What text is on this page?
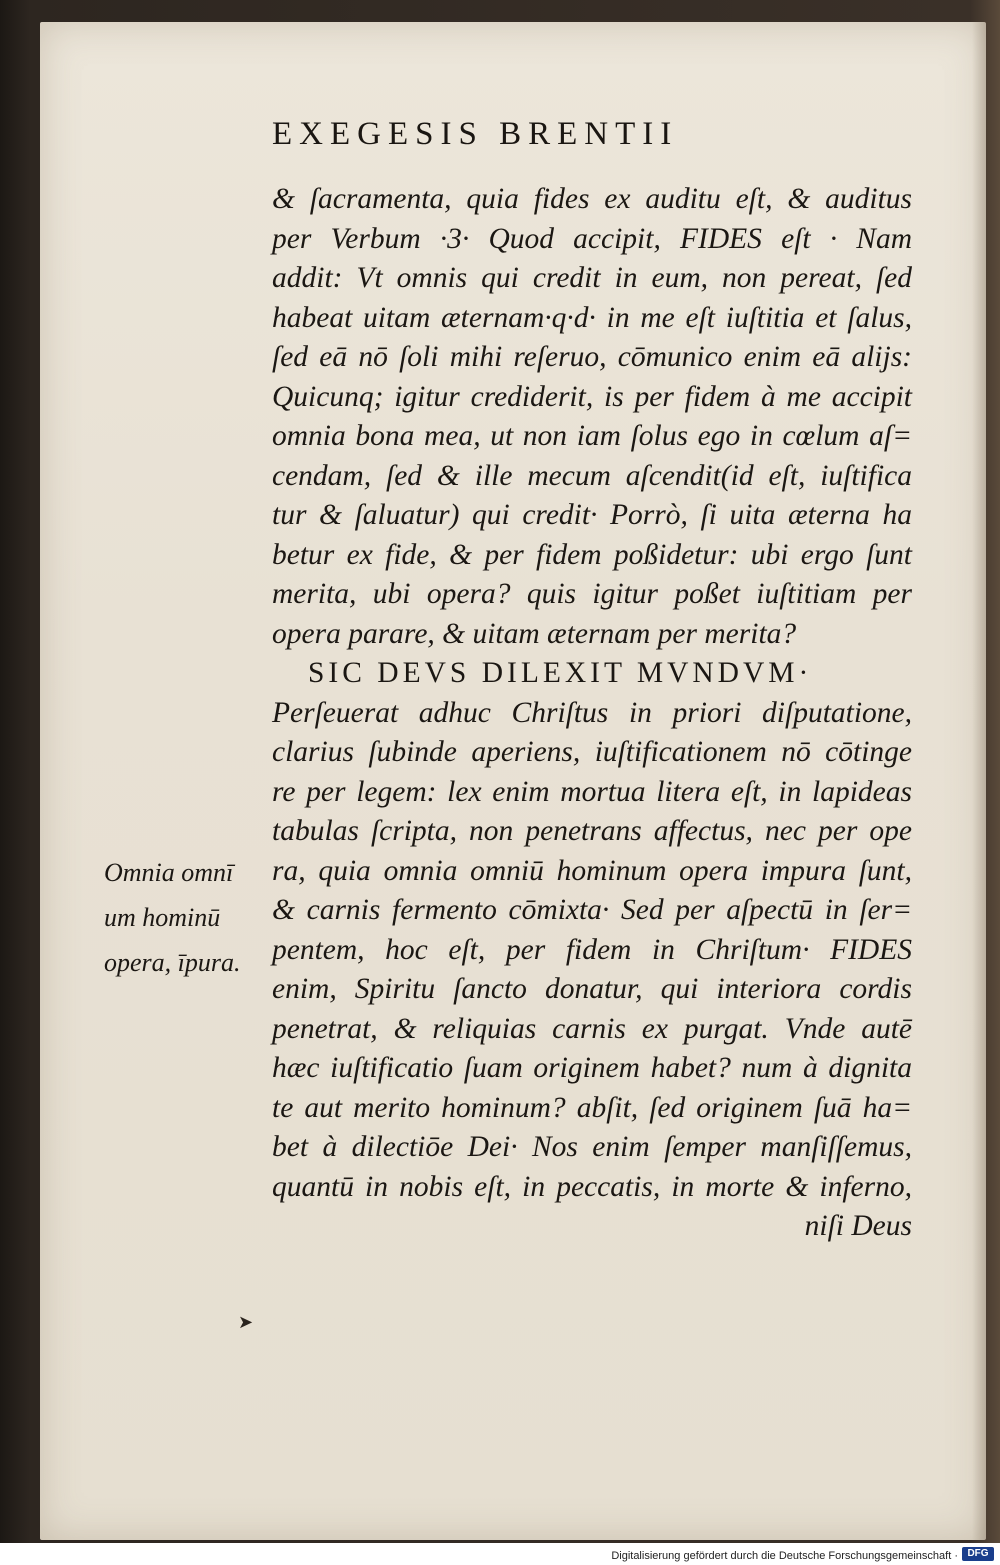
EXEGESIS BRENTII
& ſacramenta, quia fides ex auditu eſt, & auditus
per Verbum ·3· Quod accipit, FIDES eſt · Nam
addit: Vt omnis qui credit in eum, non pereat, ſed
habeat uitam æternam·q·d· in me eſt iuſtitia et ſalus,
ſed eā nō ſoli mihi reſeruo, cōmunico enim eā alijs:
Quicunq; igitur crediderit, is per fidem à me accipit
omnia bona mea, ut non iam ſolus ego in cœlum aſ=
cendam, ſed & ille mecum aſcendit(id eſt, iuſtifica
tur & ſaluatur) qui credit· Porrò, ſi uita æterna ha
betur ex fide, & per fidem poßidetur: ubi ergo ſunt
merita, ubi opera? quis igitur poßet iuſtitiam per
opera parare, & uitam æternam per merita?
SIC DEVS DILEXIT MVNDVM·
Perſeuerat adhuc Chriſtus in priori diſputatione,
clarius ſubinde aperiens, iuſtificationem nō cōtinge
re per legem: lex enim mortua litera eſt, in lapideas
tabulas ſcripta, non penetrans affectus, nec per ope
ra, quia omnia omniū hominum opera impura ſunt,
& carnis fermento cōmixta· Sed per aſpectū in ſer=
pentem, hoc eſt, per fidem in Chriſtum· FIDES
enim, Spiritu ſancto donatur, qui interiora cordis
penetrat, & reliquias carnis ex purgat. Vnde autē
hæc iuſtificatio ſuam originem habet? num à dignita
te aut merito hominum? abſit, ſed originem ſuā ha=
bet à dilectiōe Dei· Nos enim ſemper manſiſſemus,
quantū in nobis eſt, in peccatis, in morte & inferno,
niſi Deus
Omnia omnī
um hominū
opera, īpura.
➤
Digitalisierung gefördert durch die Deutsche Forschungsgemeinschaft · DFG
